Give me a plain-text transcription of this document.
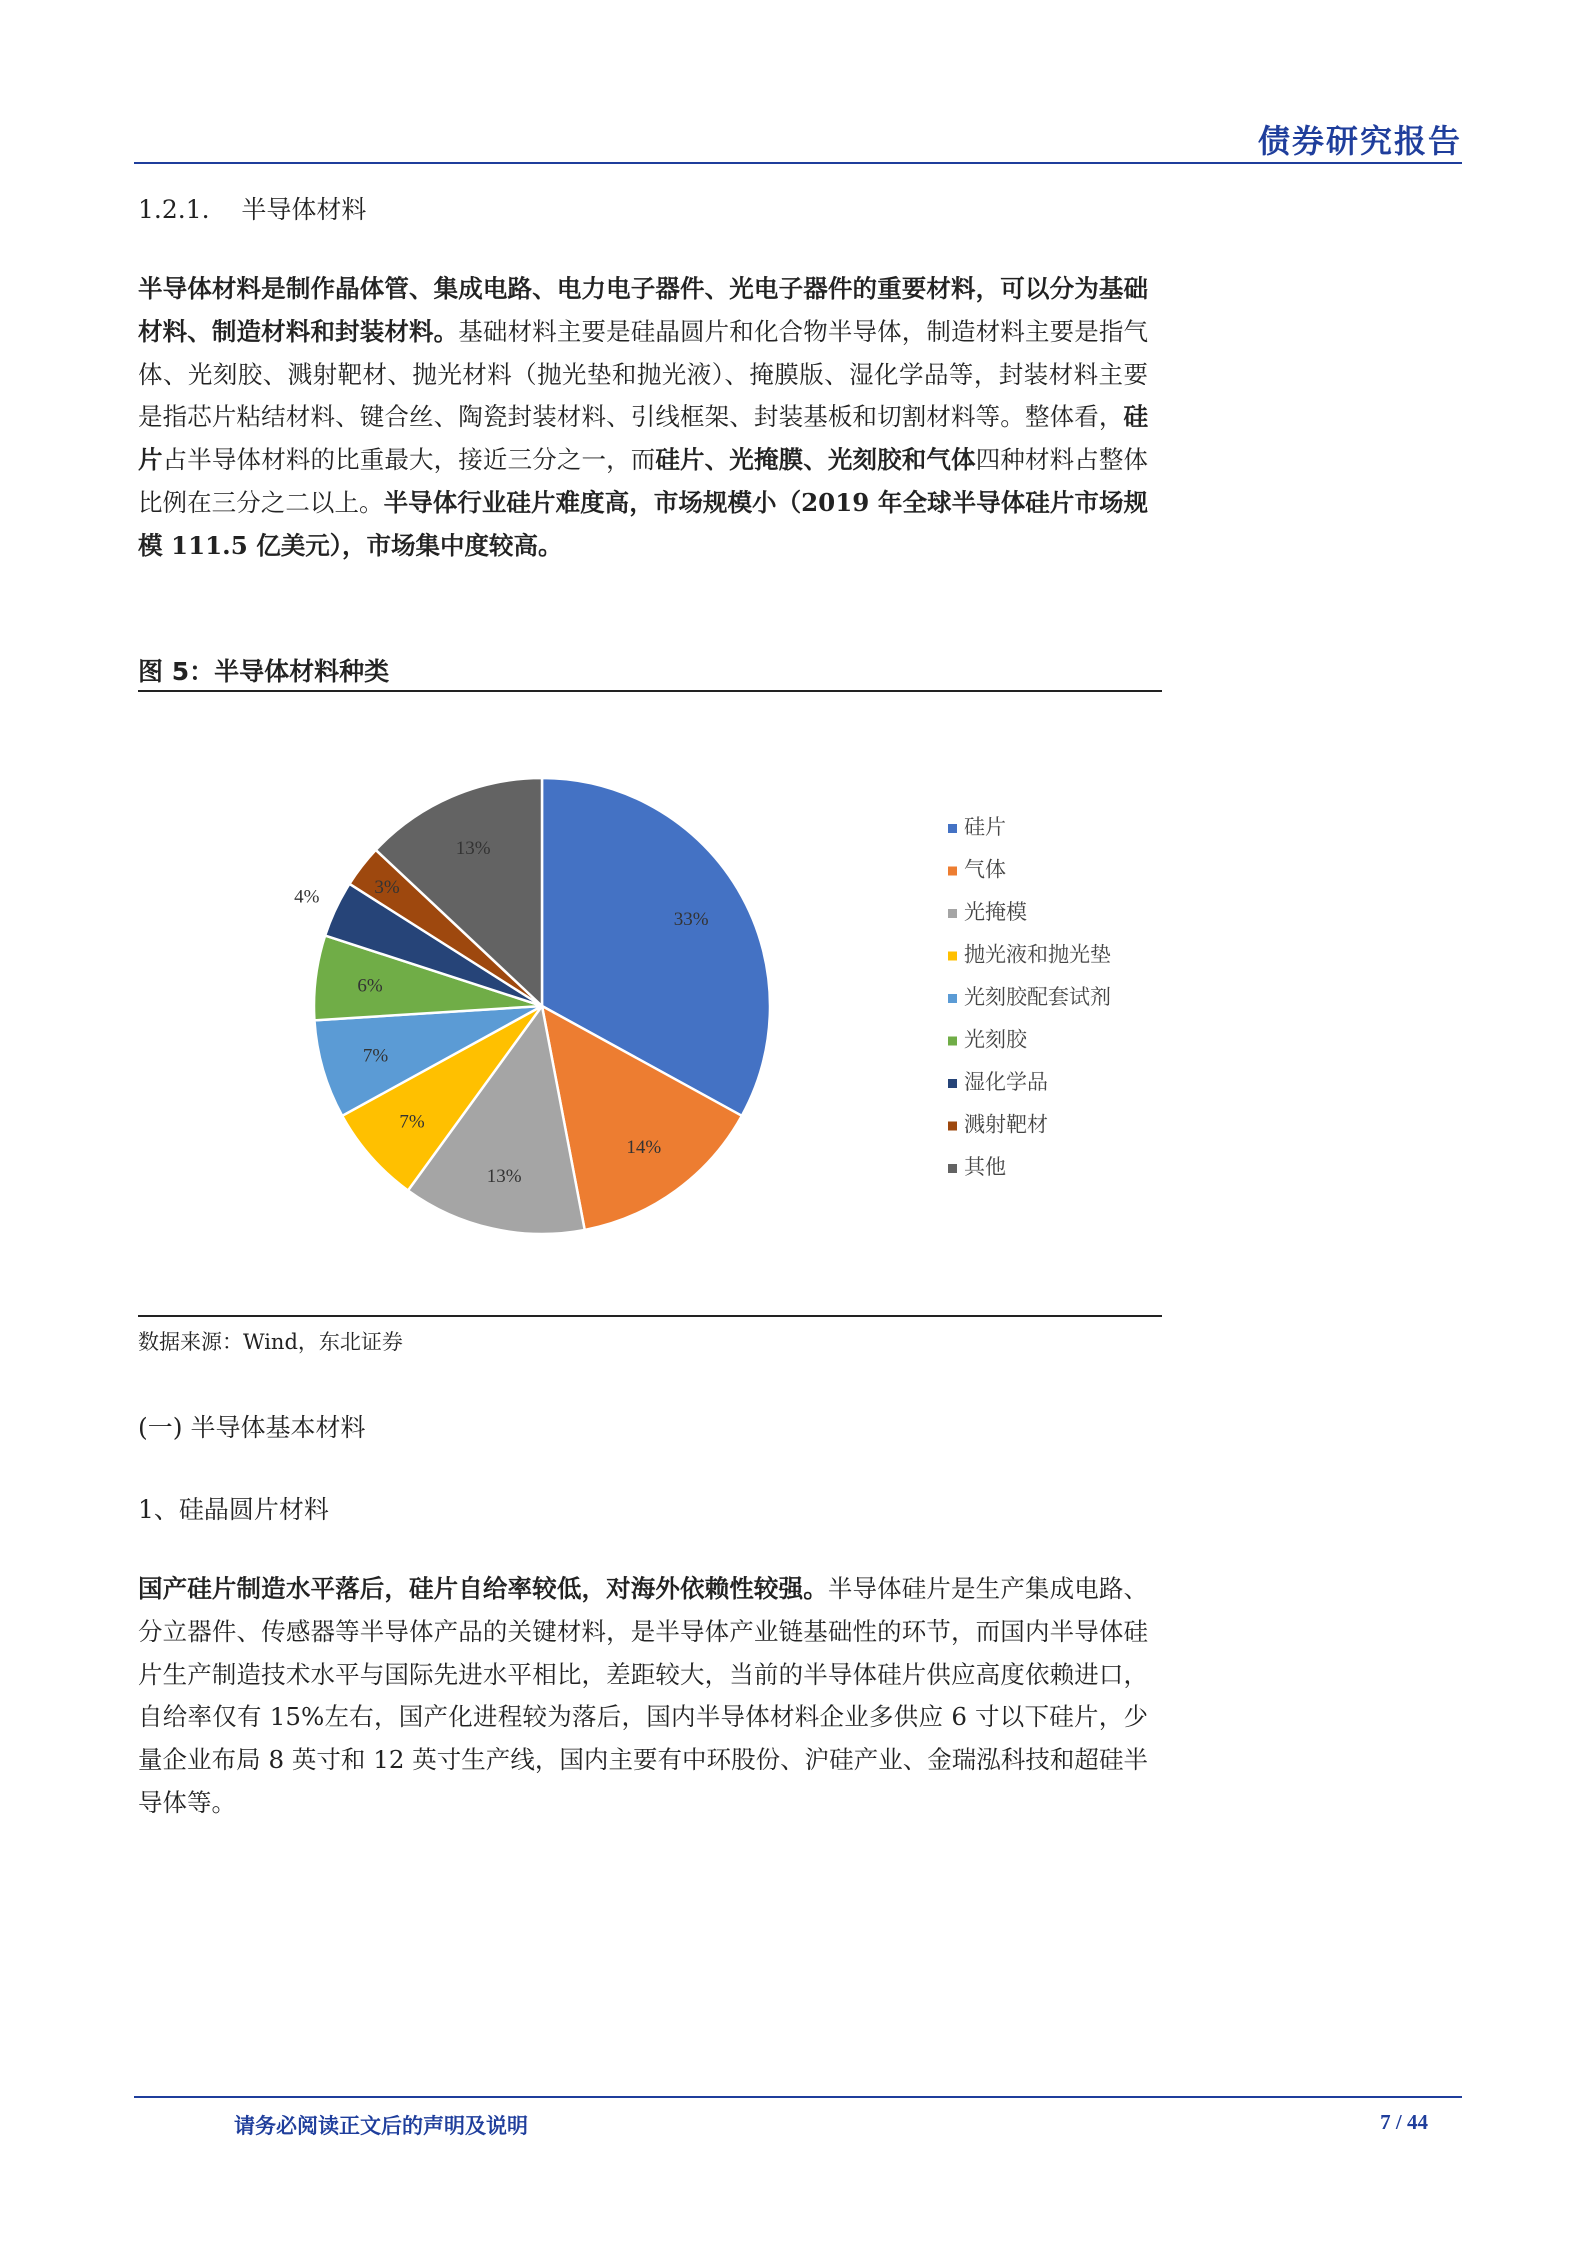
债券研究报告
1.2.1.    半导体材料
半导体材料是制作晶体管、集成电路、电力电子器件、光电子器件的重要材料，可以分为基础材料、制造材料和封装材料。基础材料主要是硅晶圆片和化合物半导体，制造材料主要是指气体、光刻胶、溅射靶材、抛光材料（抛光垫和抛光液）、掩膜版、湿化学品等，封装材料主要是指芯片粘结材料、键合丝、陶瓷封装材料、引线框架、封装基板和切割材料等。整体看，硅片占半导体材料的比重最大，接近三分之一，而硅片、光掩膜、光刻胶和气体四种材料占整体比例在三分之二以上。半导体行业硅片难度高，市场规模小（2019 年全球半导体硅片市场规模 111.5 亿美元），市场集中度较高。
图 5：半导体材料种类
33%
14%
13%
7%
7%
6%
4%	3%
13%
硅片
气体
光掩模
抛光液和抛光垫
光刻胶配套试剂
光刻胶
湿化学品
溅射靶材
其他
数据来源：Wind，东北证券
(一) 半导体基本材料
1、硅晶圆片材料
国产硅片制造水平落后，硅片自给率较低，对海外依赖性较强。半导体硅片是生产集成电路、分立器件、传感器等半导体产品的关键材料，是半导体产业链基础性的环节，而国内半导体硅片生产制造技术水平与国际先进水平相比，差距较大，当前的半导体硅片供应高度依赖进口，自给率仅有 15%左右，国产化进程较为落后，国内半导体材料企业多供应 6 寸以下硅片，少量企业布局 8 英寸和 12 英寸生产线，国内主要有中环股份、沪硅产业、金瑞泓科技和超硅半导体等。
请务必阅读正文后的声明及说明	7 / 44
